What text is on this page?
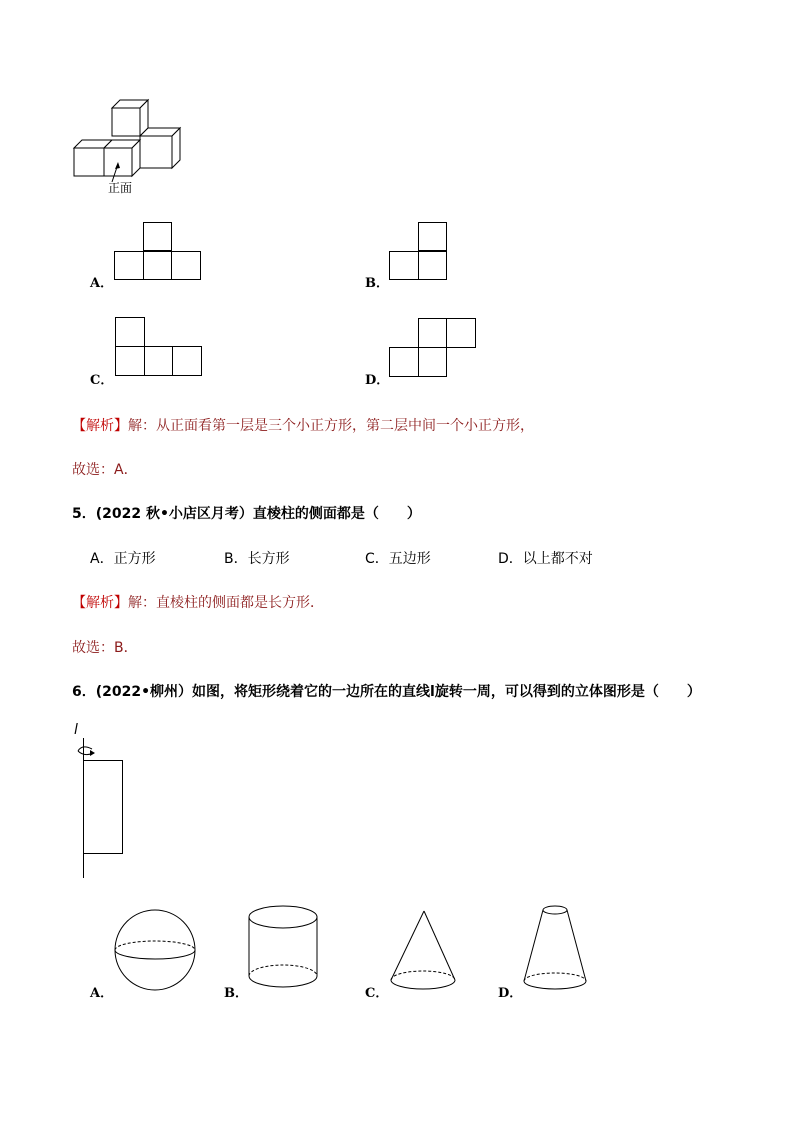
正面
A．	B．
C．	D．
【解析】解：从正面看第一层是三个小正方形，第二层中间一个小正方形，
故选：A．
5．(2022 秋•小店区月考）直棱柱的侧面都是（　　）
A．正方形	B．长方形	C．五边形	D．以上都不对
【解析】解：直棱柱的侧面都是长方形．
故选：B．
6．(2022•柳州）如图，将矩形绕着它的一边所在的直线l旋转一周，可以得到的立体图形是（　　）
l
A．	B．	C．	D．
